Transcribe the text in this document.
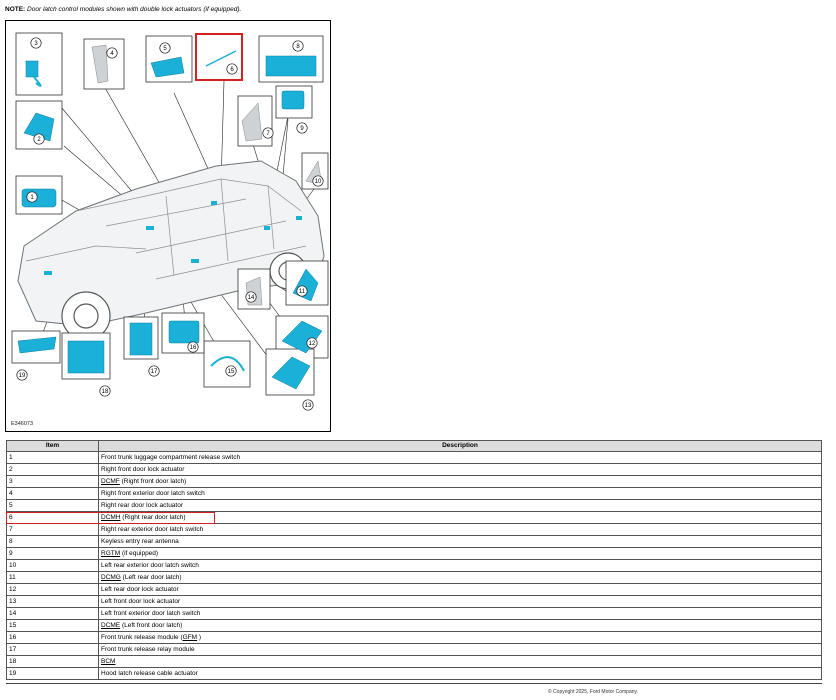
NOTE: Door latch control modules shown with double lock actuators (if equipped).
1
2
3
4
5
6
7
8
9
10
11
12
13
14
15
16
17
18
19
E346073
Item	Description
1	Front trunk luggage compartment release switch
2	Right front door lock actuator
3	DCMF (Right front door latch)
4	Right front exterior door latch switch
5	Right rear door lock actuator
6	DCMH (Right rear door latch)
7	Right rear exterior door latch switch
8	Keyless entry rear antenna
9	RGTM (if equipped)
10	Left rear exterior door latch switch
11	DCMG (Left rear door latch)
12	Left rear door lock actuator
13	Left front door lock actuator
14	Left front exterior door latch switch
15	DCME (Left front door latch)
16	Front trunk release module (GFM )
17	Front trunk release relay module
18	BCM
19	Hood latch release cable actuator
© Copyright 2025, Ford Motor Company.
